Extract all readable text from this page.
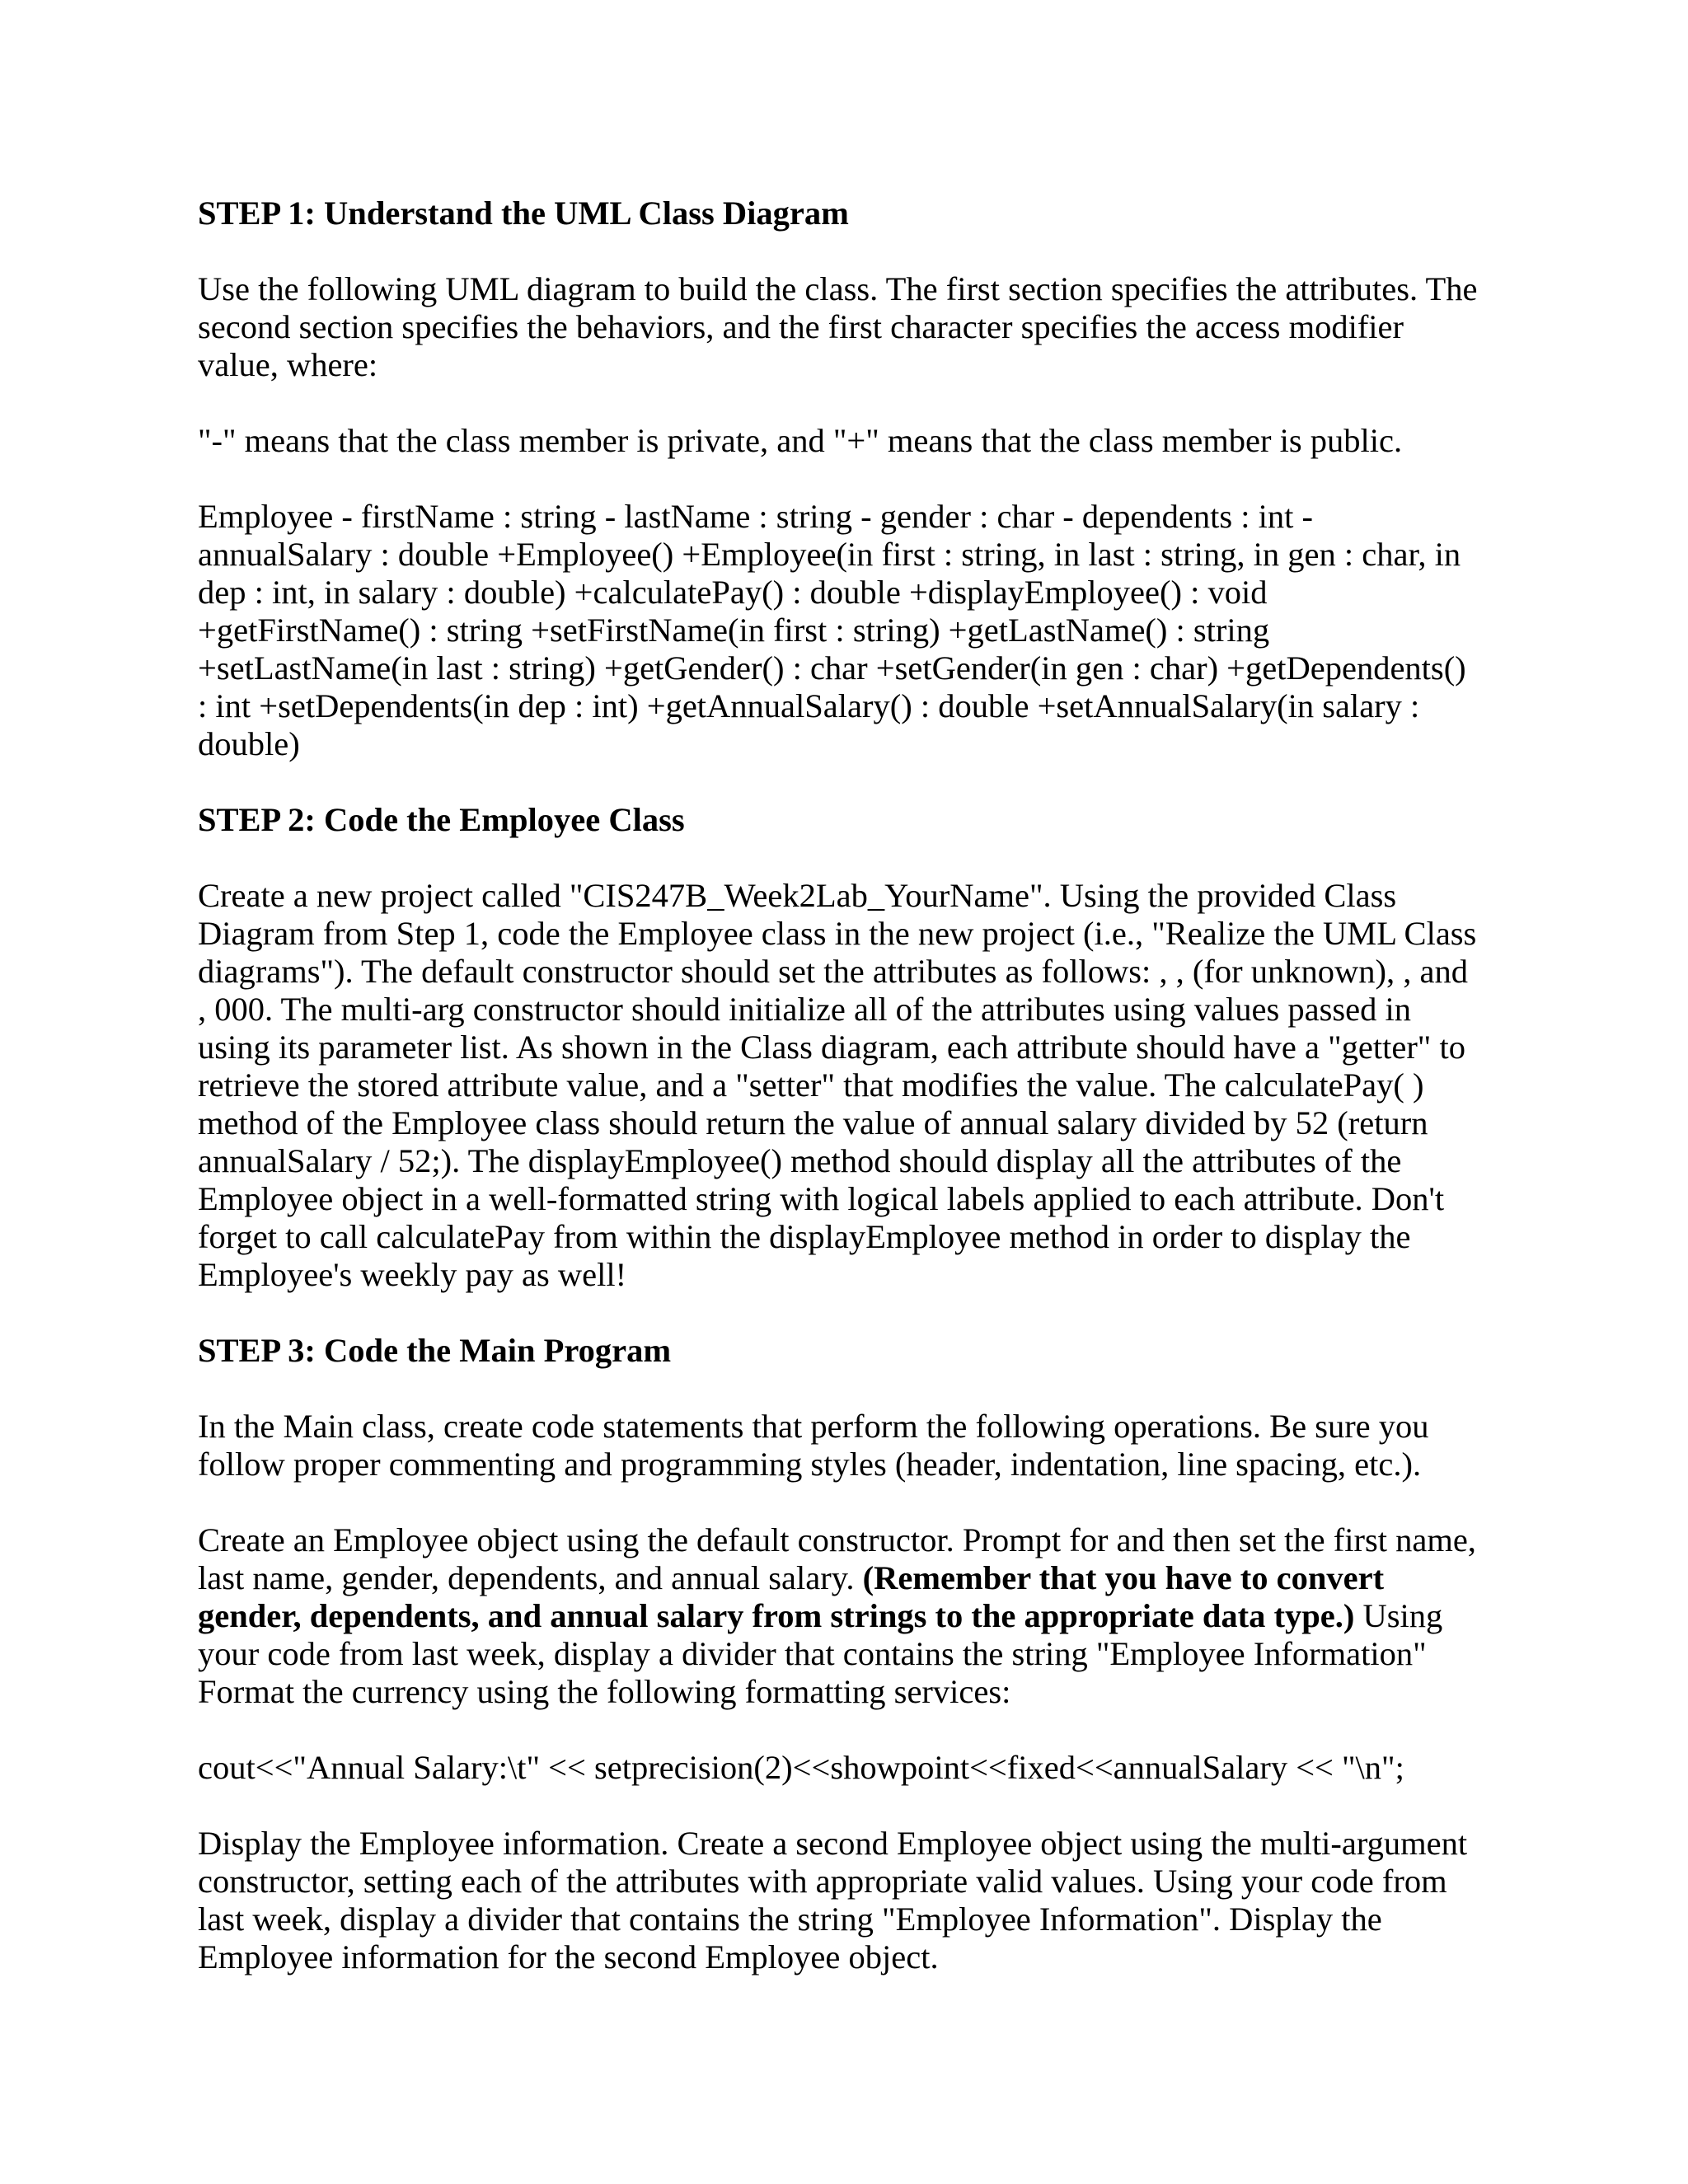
STEP 1: Understand the UML Class Diagram

Use the following UML diagram to build the class. The first section specifies the attributes. The second section specifies the behaviors, and the first character specifies the access modifier value, where:

"-" means that the class member is private, and "+" means that the class member is public.

Employee - firstName : string - lastName : string - gender : char - dependents : int - annualSalary : double +Employee() +Employee(in first : string, in last : string, in gen : char, in dep : int, in salary : double) +calculatePay() : double +displayEmployee() : void +getFirstName() : string +setFirstName(in first : string) +getLastName() : string +setLastName(in last : string) +getGender() : char +setGender(in gen : char) +getDependents() : int +setDependents(in dep : int) +getAnnualSalary() : double +setAnnualSalary(in salary : double)

STEP 2: Code the Employee Class

Create a new project called "CIS247B_Week2Lab_YourName". Using the provided Class Diagram from Step 1, code the Employee class in the new project (i.e., "Realize the UML Class diagrams"). The default constructor should set the attributes as follows: , , (for unknown), , and , 000. The multi-arg constructor should initialize all of the attributes using values passed in using its parameter list. As shown in the Class diagram, each attribute should have a "getter" to retrieve the stored attribute value, and a "setter" that modifies the value. The calculatePay( ) method of the Employee class should return the value of annual salary divided by 52 (return annualSalary / 52;). The displayEmployee() method should display all the attributes of the Employee object in a well-formatted string with logical labels applied to each attribute. Don't forget to call calculatePay from within the displayEmployee method in order to display the Employee's weekly pay as well!

STEP 3: Code the Main Program

In the Main class, create code statements that perform the following operations. Be sure you follow proper commenting and programming styles (header, indentation, line spacing, etc.).

Create an Employee object using the default constructor. Prompt for and then set the first name, last name, gender, dependents, and annual salary. (Remember that you have to convert gender, dependents, and annual salary from strings to the appropriate data type.) Using your code from last week, display a divider that contains the string "Employee Information" Format the currency using the following formatting services:

cout<<"Annual Salary:\t" << setprecision(2)<<showpoint<<fixed<<annualSalary << "\n";

Display the Employee information. Create a second Employee object using the multi-argument constructor, setting each of the attributes with appropriate valid values. Using your code from last week, display a divider that contains the string "Employee Information". Display the Employee information for the second Employee object.
